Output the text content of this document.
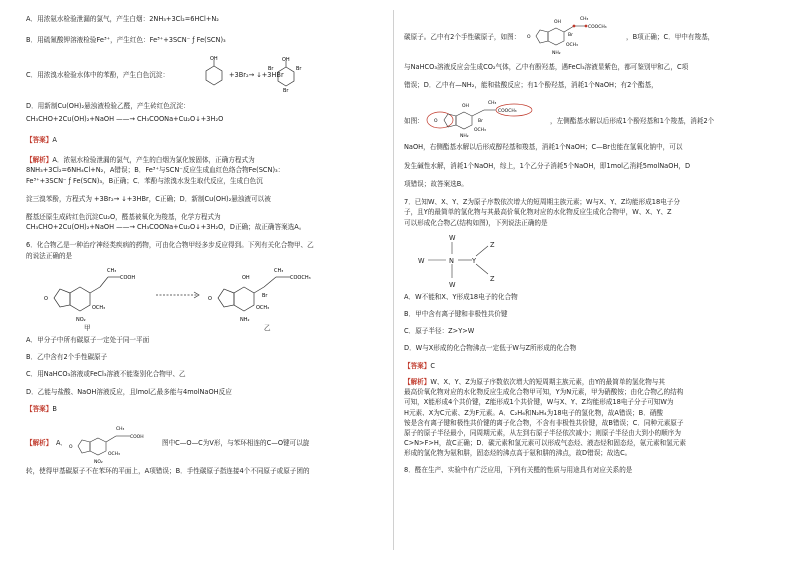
A．用浓氨水检验泄漏的氯气，产生白烟：2NH₃+3Cl₂=6HCl+N₂

B．用硫氰酸钾溶液检验Fe³⁺，产生红色：Fe³⁺+3SCN⁻ ƒ Fe(SCN)₃

C．用浓溴水检验水体中的苯酚，产生白色沉淀：
OH
+3Br₂→ ↓+3HBr
OH
Br	Br
Br

D．用新制Cu(OH)₂悬浊液检验乙醛，产生砖红色沉淀：

CH₃CHO+2Cu(OH)₂+NaOH ——→ CH₃COONa+Cu₂O↓+3H₂O

【答案】A

【解析】A．浓氨水检验泄漏的氯气，产生的白烟为氯化铵固体，正确方程式为
8NH₃+3Cl₂=6NH₄Cl+N₂，A错误；B．Fe³⁺与SCN⁻反应生成血红色络合物Fe(SCN)₃：
Fe³⁺+3SCN⁻ ƒ Fe(SCN)₃，B正确；C．苯酚与浓溴水发生取代反应，生成白色沉
淀三溴苯酚，方程式为 +3Br₂→ ↓+3HBr，C正确；D．新制Cu(OH)₂悬浊液可以被
醛基还原生成砖红色沉淀Cu₂O，醛基被氧化为羧基，化学方程式为
CH₃CHO+2Cu(OH)₂+NaOH ——→ CH₃COONa+Cu₂O↓+3H₂O，D正确；故正确答案选A。

6．化合物乙是一种治疗神经类疾病的药物，可由化合物甲经多步反应得到。下列有关化合物甲、乙
的说法正确的是

O
CH₃
COOH
OCH₃
NO₂
甲
O
OH
Br
CH₃
COOCH₃
OCH₃
NH₂
乙

A．甲分子中所有碳原子一定处于同一平面

B．乙中含有2个手性碳原子

C．用NaHCO₃溶液或FeCl₃溶液不能鉴别化合物甲、乙

D．乙能与盐酸、NaOH溶液反应，且lmol乙最多能与4molNaOH反应

【答案】B

【解析】 A．
O
CH₃
COOH
OCH₃
NO₂
图中C—O—C为V形，与苯环相连的C—O键可以旋
转，使得甲基碳原子不在苯环的平面上，A项错误；B．手性碳原子指连接4个不同原子或原子团的
碳原子。乙中有2个手性碳原子，如图： O
OH
CH₃
COOCH₃
Br
OCH₃
NH₂
，B项正确；C．甲中有羧基，

与NaHCO₃溶液反应会生成CO₂气体，乙中有酚羟基，遇FeCl₃溶液显紫色，都可鉴别甲和乙，C项

错误；D．乙中有—NH₂，能和盐酸反应；有1个酚羟基，消耗1个NaOH；有2个酯基，

如图： O
OH
CH₃
COOCH₃
Br
OCH₃
NH₂
，左侧酯基水解以后形成1个酚羟基和1个羧基，消耗2个

NaOH，右侧酯基水解以后形成醇羟基和羧基，消耗1个NaOH；C—Br也能在氢氧化钠中，可以

发生碱性水解，消耗1个NaOH，综上，1个乙分子消耗5个NaOH，即1mol乙消耗5molNaOH，D

项错误；故答案选B。

7．已知W、X、Y、Z为原子序数依次增大的短周期主族元素；W与X、Y、Z均能形成18电子分
子，且Y的最简单的氢化物与其最高价氧化物对应的水化物反应生成化合物甲，W、X、Y、Z
可以形成化合物乙(结构如图)，下列说法正确的是

W
W	N	Y
Z
W
Z

A．W不能和X、Y形成18电子的化合物

B．甲中含有离子键和非极性共价键

C．原子半径：Z>Y>W

D．W与X形成的化合物沸点一定低于W与Z所形成的化合物

【答案】C

【解析】W、X、Y、Z为原子序数依次增大的短周期主族元素，由Y的最简单的氢化物与其
最高价氧化物对应的水化物反应生成化合物甲可知，Y为N元素，甲为硝酸铵；由化合物乙的结构
可知，X能形成4个共价键，Z能形成1个共价键，W与X、Y、Z均能形成18电子分子可知W为
H元素、X为C元素、Z为F元素。A．C₂H₆和N₂H₄为18电子的氢化物，故A错误；B．硝酸
铵是含有离子键和极性共价键的离子化合物，不含有非极性共价键，故B错误；C．同种元素原子
原子的原子半径最小，同周期元素，从左到右原子半径依次减小；则原子半径由大到小的顺序为
C>N>F>H，故C正确；D．碳元素和氢元素可以形成气态烃、液态烃和固态烃，氨元素和氢元素
形成的氢化物为氨和肼，固态烃的沸点高于氨和肼的沸点，故D错误；故选C。

8．醛在生产、实验中有广泛应用，下列有关醛的性质与用途具有对应关系的是
